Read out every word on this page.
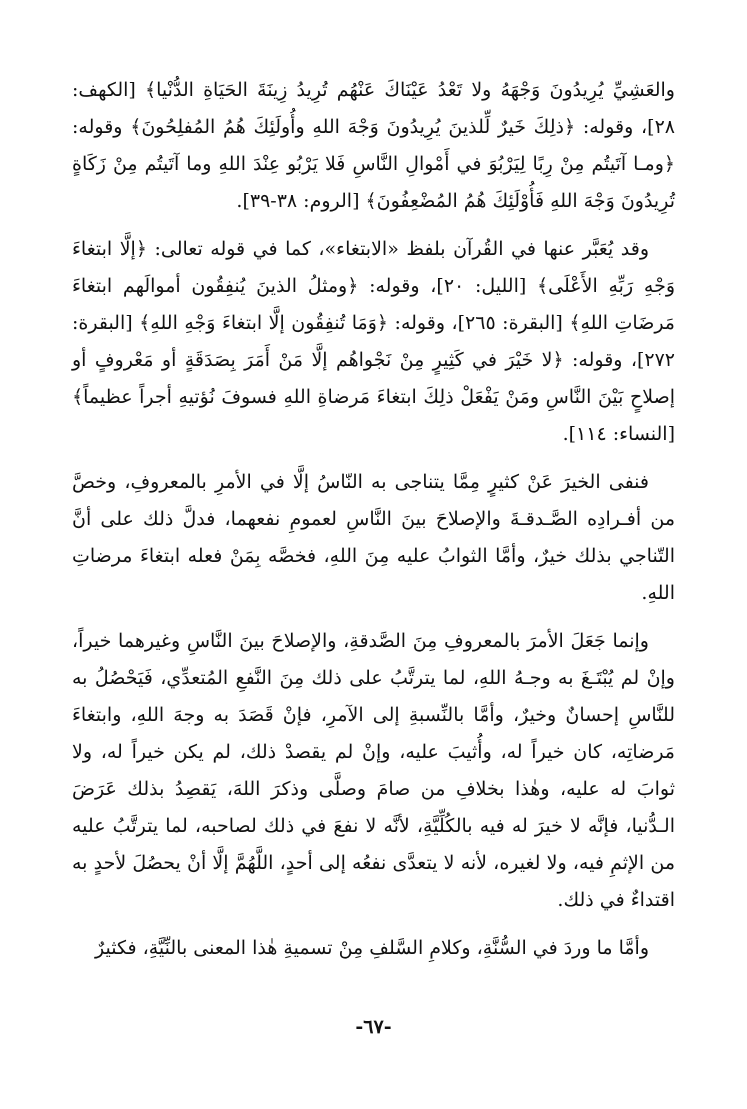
والعَشِيِّ يُرِيدُونَ وَجْهَهُ ولا تَعْدُ عَيْنَاكَ عَنْهُم تُرِيدُ زِينَةَ الحَيَاةِ الدُّنْيا﴾ [الكهف: ٢٨]، وقوله: ﴿ذلِكَ خَيرٌ لِّلذينَ يُرِيدُونَ وَجْهَ اللهِ وأُولَئِكَ هُمُ المُفلِحُونَ﴾ وقوله: ﴿ومـا آتَيتُم مِنْ رِبًا لِيَرْبُوَ في أَمْوالِ النَّاسِ فَلا يَرْبُو عِنْدَ اللهِ وما آتَيتُم مِنْ زَكَاةٍ تُرِيدُونَ وَجْهَ اللهِ فَأُوْلَئِكَ هُمُ المُضْعِفُونَ﴾ [الروم: ٣٨-٣٩].

وقد يُعَبَّر عنها في القُرآن بلفظ «الابتغاء»، كما في قوله تعالى: ﴿إلَّا ابتغاءَ وَجْهِ رَبِّهِ الأَعْلَى﴾ [الليل: ٢٠]، وقوله: ﴿ومثلُ الذينَ يُنفِقُون أموالَهم ابتغاءَ مَرضَاتِ اللهِ﴾ [البقرة: ٢٦٥]، وقوله: ﴿وَمَا تُنفِقُون إلَّا ابتغاءَ وَجْهِ اللهِ﴾ [البقرة: ٢٧٢]، وقوله: ﴿لا خَيْرَ في كَثِيرٍ مِنْ نَجْواهُم إلَّا مَنْ أَمَرَ بِصَدَقَةٍ أو مَعْروفٍ أو إصلاحٍ بَيْنَ النَّاسِ ومَنْ يَفْعَلْ ذلِكَ ابتغاءَ مَرضاةِ اللهِ فسوفَ نُؤتيهِ أجراً عظيماً﴾ [النساء: ١١٤].

فنفى الخيرَ عَنْ كثيرٍ مِمَّا يتناجى به النّاسُ إلَّا في الأمرِ بالمعروفِ، وخصَّ من أفـرادِه الصَّـدقـةَ والإصلاحَ بينَ النَّاسِ لعمومِ نفعهما، فدلَّ ذلك على أنَّ التّناجي بذلك خيرٌ، وأمَّا الثوابُ عليه مِنَ اللهِ، فخصَّه بِمَنْ فعله ابتغاءَ مرضاتِ اللهِ.

وإنما جَعَلَ الأمرَ بالمعروفِ مِنَ الصَّدقةِ، والإصلاحَ بينَ النَّاسِ وغيرهما خيراً، وإنْ لم يُبْتَـغَ به وجـهُ اللهِ، لما يترتَّبُ على ذلك مِنَ النَّفعِ المُتعدِّي، فَيَحْصُلُ به للنَّاسِ إحسانٌ وخيرٌ، وأمَّا بالنِّسبةِ إلى الآمرِ، فإنْ قَصَدَ به وجهَ اللهِ، وابتغاءَ مَرضاتِه، كان خيراً له، وأُثيبَ عليه، وإنْ لم يقصدْ ذلك، لم يكن خيراً له، ولا ثوابَ له عليه، وهٰذا بخلافِ من صامَ وصلَّى وذكرَ اللهَ، يَقصِدُ بذلك عَرَضَ الـدُّنيا، فإنَّه لا خيرَ له فيه بالكُلِّيَّةِ، لأنَّه لا نفعَ في ذلك لصاحبه، لما يترتَّبُ عليه من الإثمِ فيه، ولا لغيره، لأنه لا يتعدَّى نفعُه إلى أحدٍ، اللَّهُمَّ إلَّا أنْ يحصُلَ لأحدٍ به اقتداءٌ في ذلك.

وأمَّا ما وردَ في السُّنَّةِ، وكلامِ السَّلفِ مِنْ تسميةِ هٰذا المعنى بالنِّيَّةِ، فكثيرٌ

-٦٧-
